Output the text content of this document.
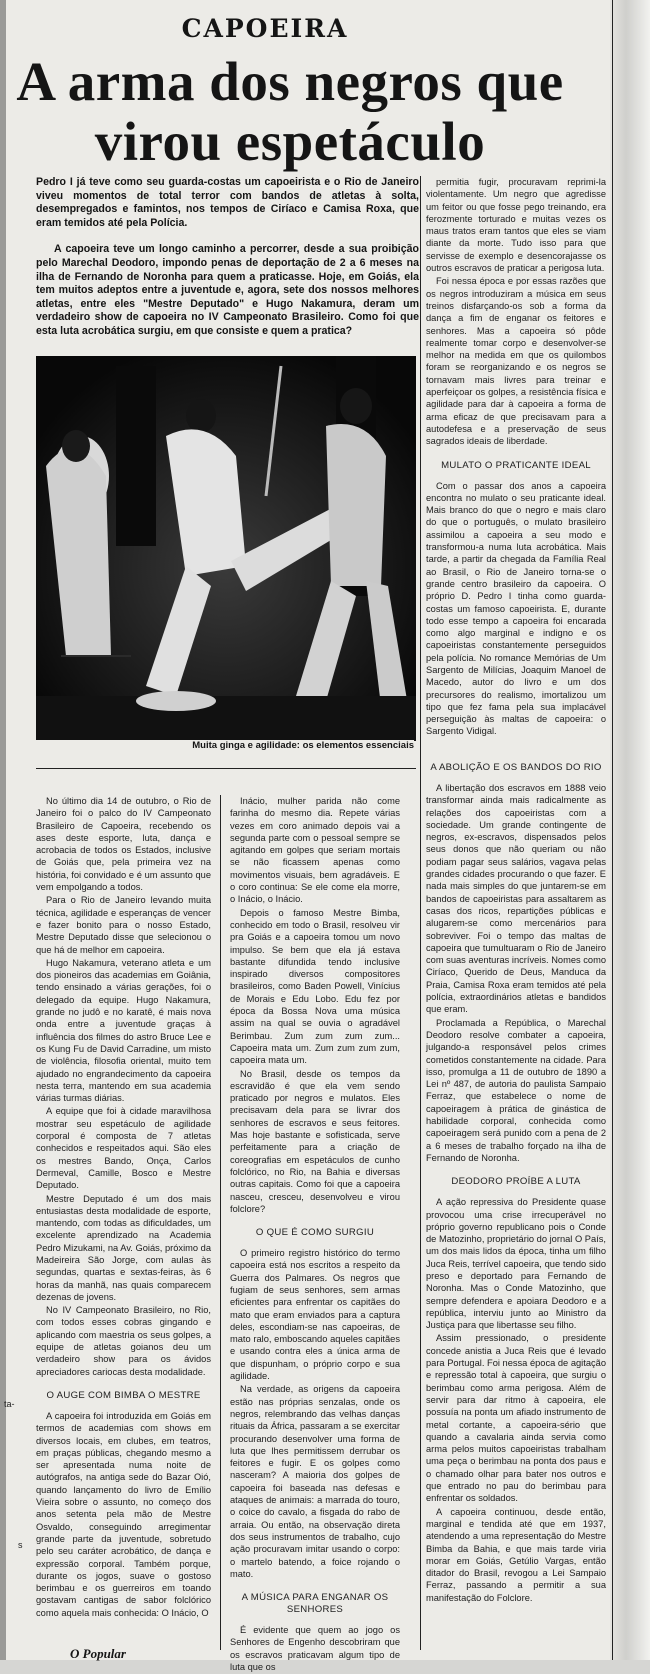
ta-
s
CAPOEIRA
A arma dos negros que
virou espetáculo

Pedro I já teve como seu guarda-costas um capoeirista e o Rio de Janeiro viveu momentos de total terror com bandos de atletas à solta, desempregados e famintos, nos tempos de Ciríaco e Camisa Roxa, que eram temidos até pela Polícia.

A capoeira teve um longo caminho a percorrer, desde a sua proibição pelo Marechal Deodoro, impondo penas de deportação de 2 a 6 meses na ilha de Fernando de Noronha para quem a praticasse. Hoje, em Goiás, ela tem muitos adeptos entre a juventude e, agora, sete dos nossos melhores atletas, entre eles "Mestre Deputado" e Hugo Nakamura, deram um verdadeiro show de capoeira no IV Campeonato Brasileiro. Como foi que esta luta acrobática surgiu, em que consiste e quem a pratica?

Muita ginga e agilidade: os elementos essenciais

permitia fugir, procuravam reprimi-la violentamente. Um negro que agredisse um feitor ou que fosse pego treinando, era ferozmente torturado e muitas vezes os maus tratos eram tantos que eles se viam diante da morte. Tudo isso para que servisse de exemplo e desencorajasse os outros escravos de praticar a perigosa luta.

Foi nessa época e por essas razões que os negros introduziram a música em seus treinos disfarçando-os sob a forma da dança a fim de enganar os feitores e senhores. Mas a capoeira só pôde realmente tomar corpo e desenvolver-se melhor na medida em que os quilombos foram se reorganizando e os negros se tornavam mais livres para treinar e aperfeiçoar os golpes, a resistência física e agilidade para dar à capoeira a forma de arma eficaz de que precisavam para a autodefesa e a preservação de seus sagrados ideais de liberdade.

MULATO O PRATICANTE IDEAL

Com o passar dos anos a capoeira encontra no mulato o seu praticante ideal. Mais branco do que o negro e mais claro do que o português, o mulato brasileiro assimilou a capoeira a seu modo e transformou-a numa luta acrobática. Mais tarde, a partir da chegada da Família Real ao Brasil, o Rio de Janeiro torna-se o grande centro brasileiro da capoeira. O próprio D. Pedro I tinha como guarda-costas um famoso capoeirista. E, durante todo esse tempo a capoeira foi encarada como algo marginal e indigno e os capoeiristas constantemente perseguidos pela polícia. No romance Memórias de Um Sargento de Milícias, Joaquim Manoel de Macedo, autor do livro e um dos precursores do realismo, imortalizou um tipo que fez fama pela sua implacável perseguição às maltas de capoeira: o Sargento Vidigal.

A ABOLIÇÃO E OS BANDOS DO RIO

A libertação dos escravos em 1888 veio transformar ainda mais radicalmente as relações dos capoeiristas com a sociedade. Um grande contingente de negros, ex-escravos, dispensados pelos seus donos que não queriam ou não podiam pagar seus salários, vagava pelas grandes cidades procurando o que fazer. E nada mais simples do que juntarem-se em bandos de capoeiristas para assaltarem as casas dos ricos, repartições públicas e alugarem-se como mercenários para sobreviver. Foi o tempo das maltas de capoeira que tumultuaram o Rio de Janeiro com suas aventuras incríveis. Nomes como Ciríaco, Querido de Deus, Manduca da Praia, Camisa Roxa eram temidos até pela polícia, extraordinários atletas e bandidos que eram.

Proclamada a República, o Marechal Deodoro resolve combater a capoeira, julgando-a responsável pelos crimes cometidos constantemente na cidade. Para isso, promulga a 11 de outubro de 1890 a Lei nº 487, de autoria do paulista Sampaio Ferraz, que estabelece o nome de capoeiragem à prática de ginástica de habilidade corporal, conhecida como capoeiragem será punido com a pena de 2 a 6 meses de trabalho forçado na ilha de Fernando de Noronha.

DEODORO PROÍBE A LUTA

A ação repressiva do Presidente quase provocou uma crise irrecuperável no próprio governo republicano pois o Conde de Matozinho, proprietário do jornal O País, um dos mais lidos da época, tinha um filho Juca Reis, terrível capoeira, que tendo sido preso e deportado para Fernando de Noronha. Mas o Conde Matozinho, que sempre defendera e apoiara Deodoro e a república, interviu junto ao Ministro da Justiça para que libertasse seu filho.

Assim pressionado, o presidente concede anistia a Juca Reis que é levado para Portugal. Foi nessa época de agitação e repressão total à capoeira, que surgiu o berimbau como arma perigosa. Além de servir para dar ritmo à capoeira, ele possuía na ponta um afiado instrumento de metal cortante, a capoeira-sério que quando a cavalaria ainda servia como arma pelos muitos capoeiristas trabalham uma peça o berimbau na ponta dos paus e o chamado olhar para bater nos outros e que entrado no pau do berimbau para enfrentar os soldados.

A capoeira continuou, desde então, marginal e tendida até que em 1937, atendendo a uma representação do Mestre Bimba da Bahia, e que mais tarde viria morar em Goiás, Getúlio Vargas, então ditador do Brasil, revogou a Lei Sampaio Ferraz, passando a permitir a sua manifestação do Folclore.

No último dia 14 de outubro, o Rio de Janeiro foi o palco do IV Campeonato Brasileiro de Capoeira, recebendo os ases deste esporte, luta, dança e acrobacia de todos os Estados, inclusive de Goiás que, pela primeira vez na história, foi convidado e é um assunto que vem empolgando a todos.

Para o Rio de Janeiro levando muita técnica, agilidade e esperanças de vencer e fazer bonito para o nosso Estado, Mestre Deputado disse que selecionou o que há de melhor em capoeira.

Hugo Nakamura, veterano atleta e um dos pioneiros das academias em Goiânia, tendo ensinado a várias gerações, foi o delegado da equipe. Hugo Nakamura, grande no judô e no karatê, é mais nova onda entre a juventude graças à influência dos filmes do astro Bruce Lee e os Kung Fu de David Carradine, um misto de violência, filosofia oriental, muito tem ajudado no engrandecimento da capoeira nesta terra, mantendo em sua academia várias turmas diárias.

A equipe que foi à cidade maravilhosa mostrar seu espetáculo de agilidade corporal é composta de 7 atletas conhecidos e respeitados aqui. São eles os mestres Bando, Onça, Carlos Dermeval, Camille, Bosco e Mestre Deputado.

Mestre Deputado é um dos mais entusiastas desta modalidade de esporte, mantendo, com todas as dificuldades, um excelente aprendizado na Academia Pedro Mizukami, na Av. Goiás, próximo da Madeireira São Jorge, com aulas às segundas, quartas e sextas-feiras, às 6 horas da manhã, nas quais comparecem dezenas de jovens.

No IV Campeonato Brasileiro, no Rio, com todos esses cobras gingando e aplicando com maestria os seus golpes, a equipe de atletas goianos deu um verdadeiro show para os ávidos apreciadores cariocas desta modalidade.

O AUGE COM BIMBA O MESTRE

A capoeira foi introduzida em Goiás em termos de academias com shows em diversos locais, em clubes, em teatros, em praças públicas, chegando mesmo a ser apresentada numa noite de autógrafos, na antiga sede do Bazar Oió, quando lançamento do livro de Emílio Vieira sobre o assunto, no começo dos anos setenta pela mão de Mestre Osvaldo, conseguindo arregimentar grande parte da juventude, sobretudo pelo seu caráter acrobático, de dança e expressão corporal. Também porque, durante os jogos, suave o gostoso berimbau e os guerreiros em toando gostavam cantigas de sabor folclórico como aquela mais conhecida: O Inácio, O

Inácio, mulher parida não come farinha do mesmo dia. Repete várias vezes em coro animado depois vai a segunda parte com o pessoal sempre se agitando em golpes que seriam mortais se não ficassem apenas como movimentos visuais, bem agradáveis. E o coro continua: Se ele come ela morre, o Inácio, o Inácio.

Depois o famoso Mestre Bimba, conhecido em todo o Brasil, resolveu vir pra Goiás e a capoeira tomou um novo impulso. Se bem que ela já estava bastante difundida tendo inclusive inspirado diversos compositores brasileiros, como Baden Powell, Vinícius de Morais e Edu Lobo. Edu fez por época da Bossa Nova uma música assim na qual se ouvia o agradável Berimbau. Zum zum zum zum... Capoeira mata um. Zum zum zum zum, capoeira mata um.

No Brasil, desde os tempos da escravidão é que ela vem sendo praticado por negros e mulatos. Eles precisavam dela para se livrar dos senhores de escravos e seus feitores. Mas hoje bastante e sofisticada, serve perfeitamente para a criação de coreografias em espetáculos de cunho folclórico, no Rio, na Bahia e diversas outras capitais. Como foi que a capoeira nasceu, cresceu, desenvolveu e virou folclore?

O QUE É COMO SURGIU

O primeiro registro histórico do termo capoeira está nos escritos a respeito da Guerra dos Palmares. Os negros que fugiam de seus senhores, sem armas eficientes para enfrentar os capitães do mato que eram enviados para a captura deles, escondiam-se nas capoeiras, de mato ralo, emboscando aqueles capitães e usando contra eles a única arma de que dispunham, o próprio corpo e sua agilidade.

Na verdade, as origens da capoeira estão nas próprias senzalas, onde os negros, relembrando das velhas danças rituais da África, passaram a se exercitar procurando desenvolver uma forma de luta que lhes permitissem derrubar os feitores e fugir. E os golpes como nasceram? A maioria dos golpes de capoeira foi baseada nas defesas e ataques de animais: a marrada do touro, o coice do cavalo, a fisgada do rabo de arraia. Ou então, na observação direta dos seus instrumentos de trabalho, cujo ação procuravam imitar usando o corpo: o martelo batendo, a foice rojando o mato.

A MÚSICA PARA ENGANAR OS SENHORES

É evidente que quem ao jogo os Senhores de Engenho descobriram que os escravos praticavam algum tipo de luta que os

O Popular
